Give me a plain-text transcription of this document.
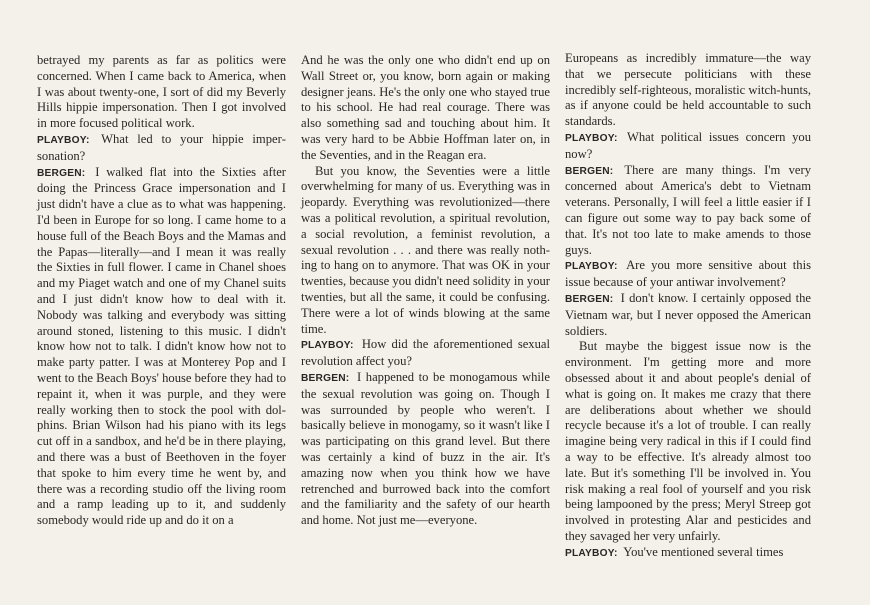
betrayed my parents as far as politics were concerned. When I came back to America, when I was about twenty-one, I sort of did my Beverly Hills hippie impersonation. Then I got involved in more focused political work.

PLAYBOY: What led to your hippie impersonation?

BERGEN: I walked flat into the Sixties after doing the Princess Grace impersonation and I just didn't have a clue as to what was happening. I'd been in Europe for so long. I came home to a house full of the Beach Boys and the Mamas and the Papas—literally—and I mean it was really the Sixties in full flower. I came in Chanel shoes and my Piaget watch and one of my Chanel suits and I just didn't know how to deal with it. Nobody was talking and everybody was sitting around stoned, listening to this music. I didn't know how not to talk. I didn't know how not to make party patter. I was at Monterey Pop and I went to the Beach Boys' house before they had to repaint it, when it was purple, and they were really working then to stock the pool with dolphins. Brian Wilson had his piano with its legs cut off in a sandbox, and he'd be in there playing, and there was a bust of Beethoven in the foyer that spoke to him every time he went by, and there was a recording studio off the living room and a ramp leading up to it, and suddenly somebody would ride up and do it on a

And he was the only one who didn't end up on Wall Street or, you know, born again or making designer jeans. He's the only one who stayed true to his school. He had real courage. There was also something sad and touching about him. It was very hard to be Abbie Hoffman later on, in the Seventies, and in the Reagan era.

But you know, the Seventies were a little overwhelming for many of us. Everything was in jeopardy. Everything was revolutionized—there was a political revolution, a spiritual revolution, a social revolution, a feminist revolution, a sexual revolution . . . and there was really nothing to hang on to anymore. That was OK in your twenties, because you didn't need solidity in your twenties, but all the same, it could be confusing. There were a lot of winds blowing at the same time.

PLAYBOY: How did the aforementioned sexual revolution affect you?

BERGEN: I happened to be monogamous while the sexual revolution was going on. Though I was surrounded by people who weren't. I basically believe in monogamy, so it wasn't like I was participating on this grand level. But there was certainly a kind of buzz in the air. It's amazing now when you think how we have retrenched and burrowed back into the comfort and the familiarity and the safety of our hearth and home. Not just me—everyone.

Europeans as incredibly immature—the way that we persecute politicians with these incredibly self-righteous, moralistic witch-hunts, as if anyone could be held accountable to such standards.

PLAYBOY: What political issues concern you now?

BERGEN: There are many things. I'm very concerned about America's debt to Vietnam veterans. Personally, I will feel a little easier if I can figure out some way to pay back some of that. It's not too late to make amends to those guys.

PLAYBOY: Are you more sensitive about this issue because of your antiwar involvement?

BERGEN: I don't know. I certainly opposed the Vietnam war, but I never opposed the American soldiers.

But maybe the biggest issue now is the environment. I'm getting more and more obsessed about it and about people's denial of what is going on. It makes me crazy that there are deliberations about whether we should recycle because it's a lot of trouble. I can really imagine being very radical in this if I could find a way to be effective. It's already almost too late. But it's something I'll be involved in. You risk making a real fool of yourself and you risk being lampooned by the press; Meryl Streep got involved in protesting Alar and pesticides and they savaged her very unfairly.

PLAYBOY: You've mentioned several times
